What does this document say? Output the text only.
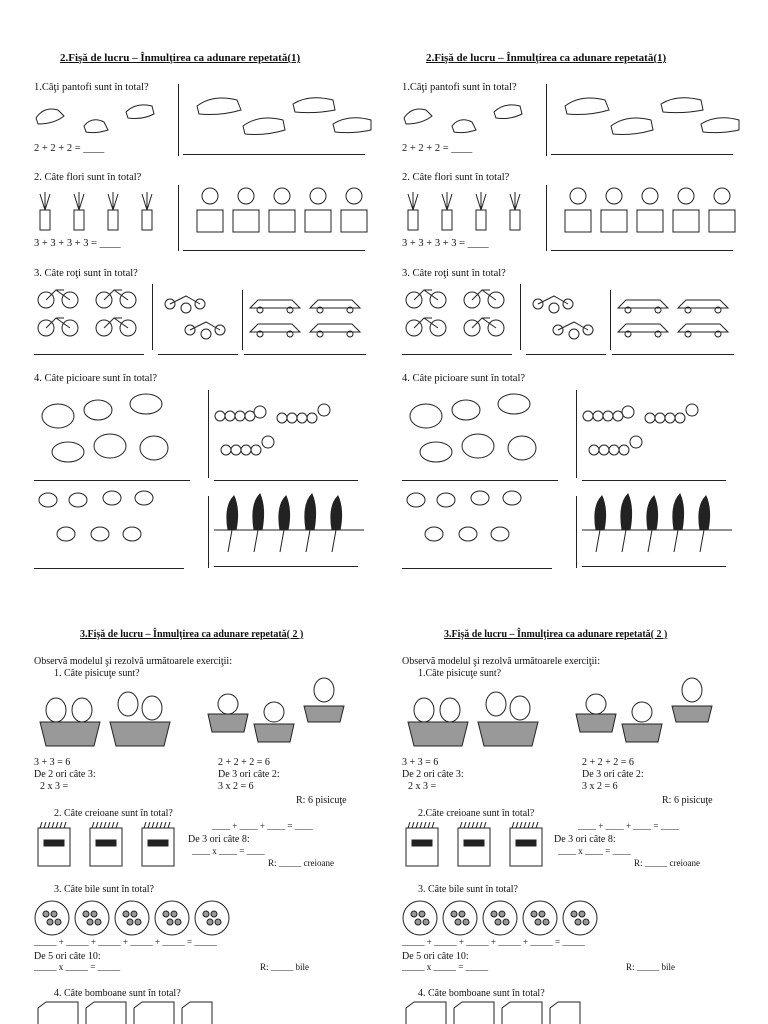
2.Fişă de lucru – Înmulţirea ca adunare repetată(1)
1.Câţi pantofi sunt în total?
2 + 2 + 2 = ____
2. Câte flori sunt în total?
3 + 3 + 3 + 3 = ____
3. Câte roţi sunt în total?
4. Câte picioare sunt în total?
3.Fişă de lucru – Înmulţirea ca adunare repetată( 2 )
Observă modelul şi rezolvă următoarele exerciţii:
1. Câte pisicuţe sunt?
3 + 3 = 6
De 2 ori câte 3:
2 x 3 =
2 + 2 + 2 = 6
De 3 ori câte 2:
3 x 2 = 6
R: 6 pisicuţe
2. Câte creioane sunt în total?
____ + ____ + ____ = ____
De 3 ori câte 8:
____ x ____ = ____
R: _____ creioane
3. Câte bile sunt în total?
_____ + _____ + _____ + _____ + _____ = _____
De 5 ori câte 10:
_____ x _____ = _____	R: _____ bile
4. Câte bomboane sunt în total?
2.Fişă de lucru – Înmulţirea ca adunare repetată(1)
1.Câţi pantofi sunt în total?
2 + 2 + 2 = ____
2. Câte flori sunt în total?
3 + 3 + 3 + 3 = ____
3. Câte roţi sunt în total?
4. Câte picioare sunt în total?
3.Fişă de lucru – Înmulţirea ca adunare repetată( 2 )
Observă modelul şi rezolvă următoarele exerciţii:
1.Câte pisicuţe sunt?
3 + 3 = 6
De 2 ori câte 3:
2 x 3 =
2 + 2 + 2 = 6
De 3 ori câte 2:
3 x 2 = 6
R: 6 pisicuţe
2.Câte creioane sunt în total?
____ + ____ + ____ = ____
De 3 ori câte 8:
____ x ____ = ____
R: _____ creioane
3. Câte bile sunt în total?
_____ + _____ + _____ + _____ + _____ = _____
De 5 ori câte 10:
_____ x _____ = _____	R: _____ bile
4. Câte bomboane sunt în total?
